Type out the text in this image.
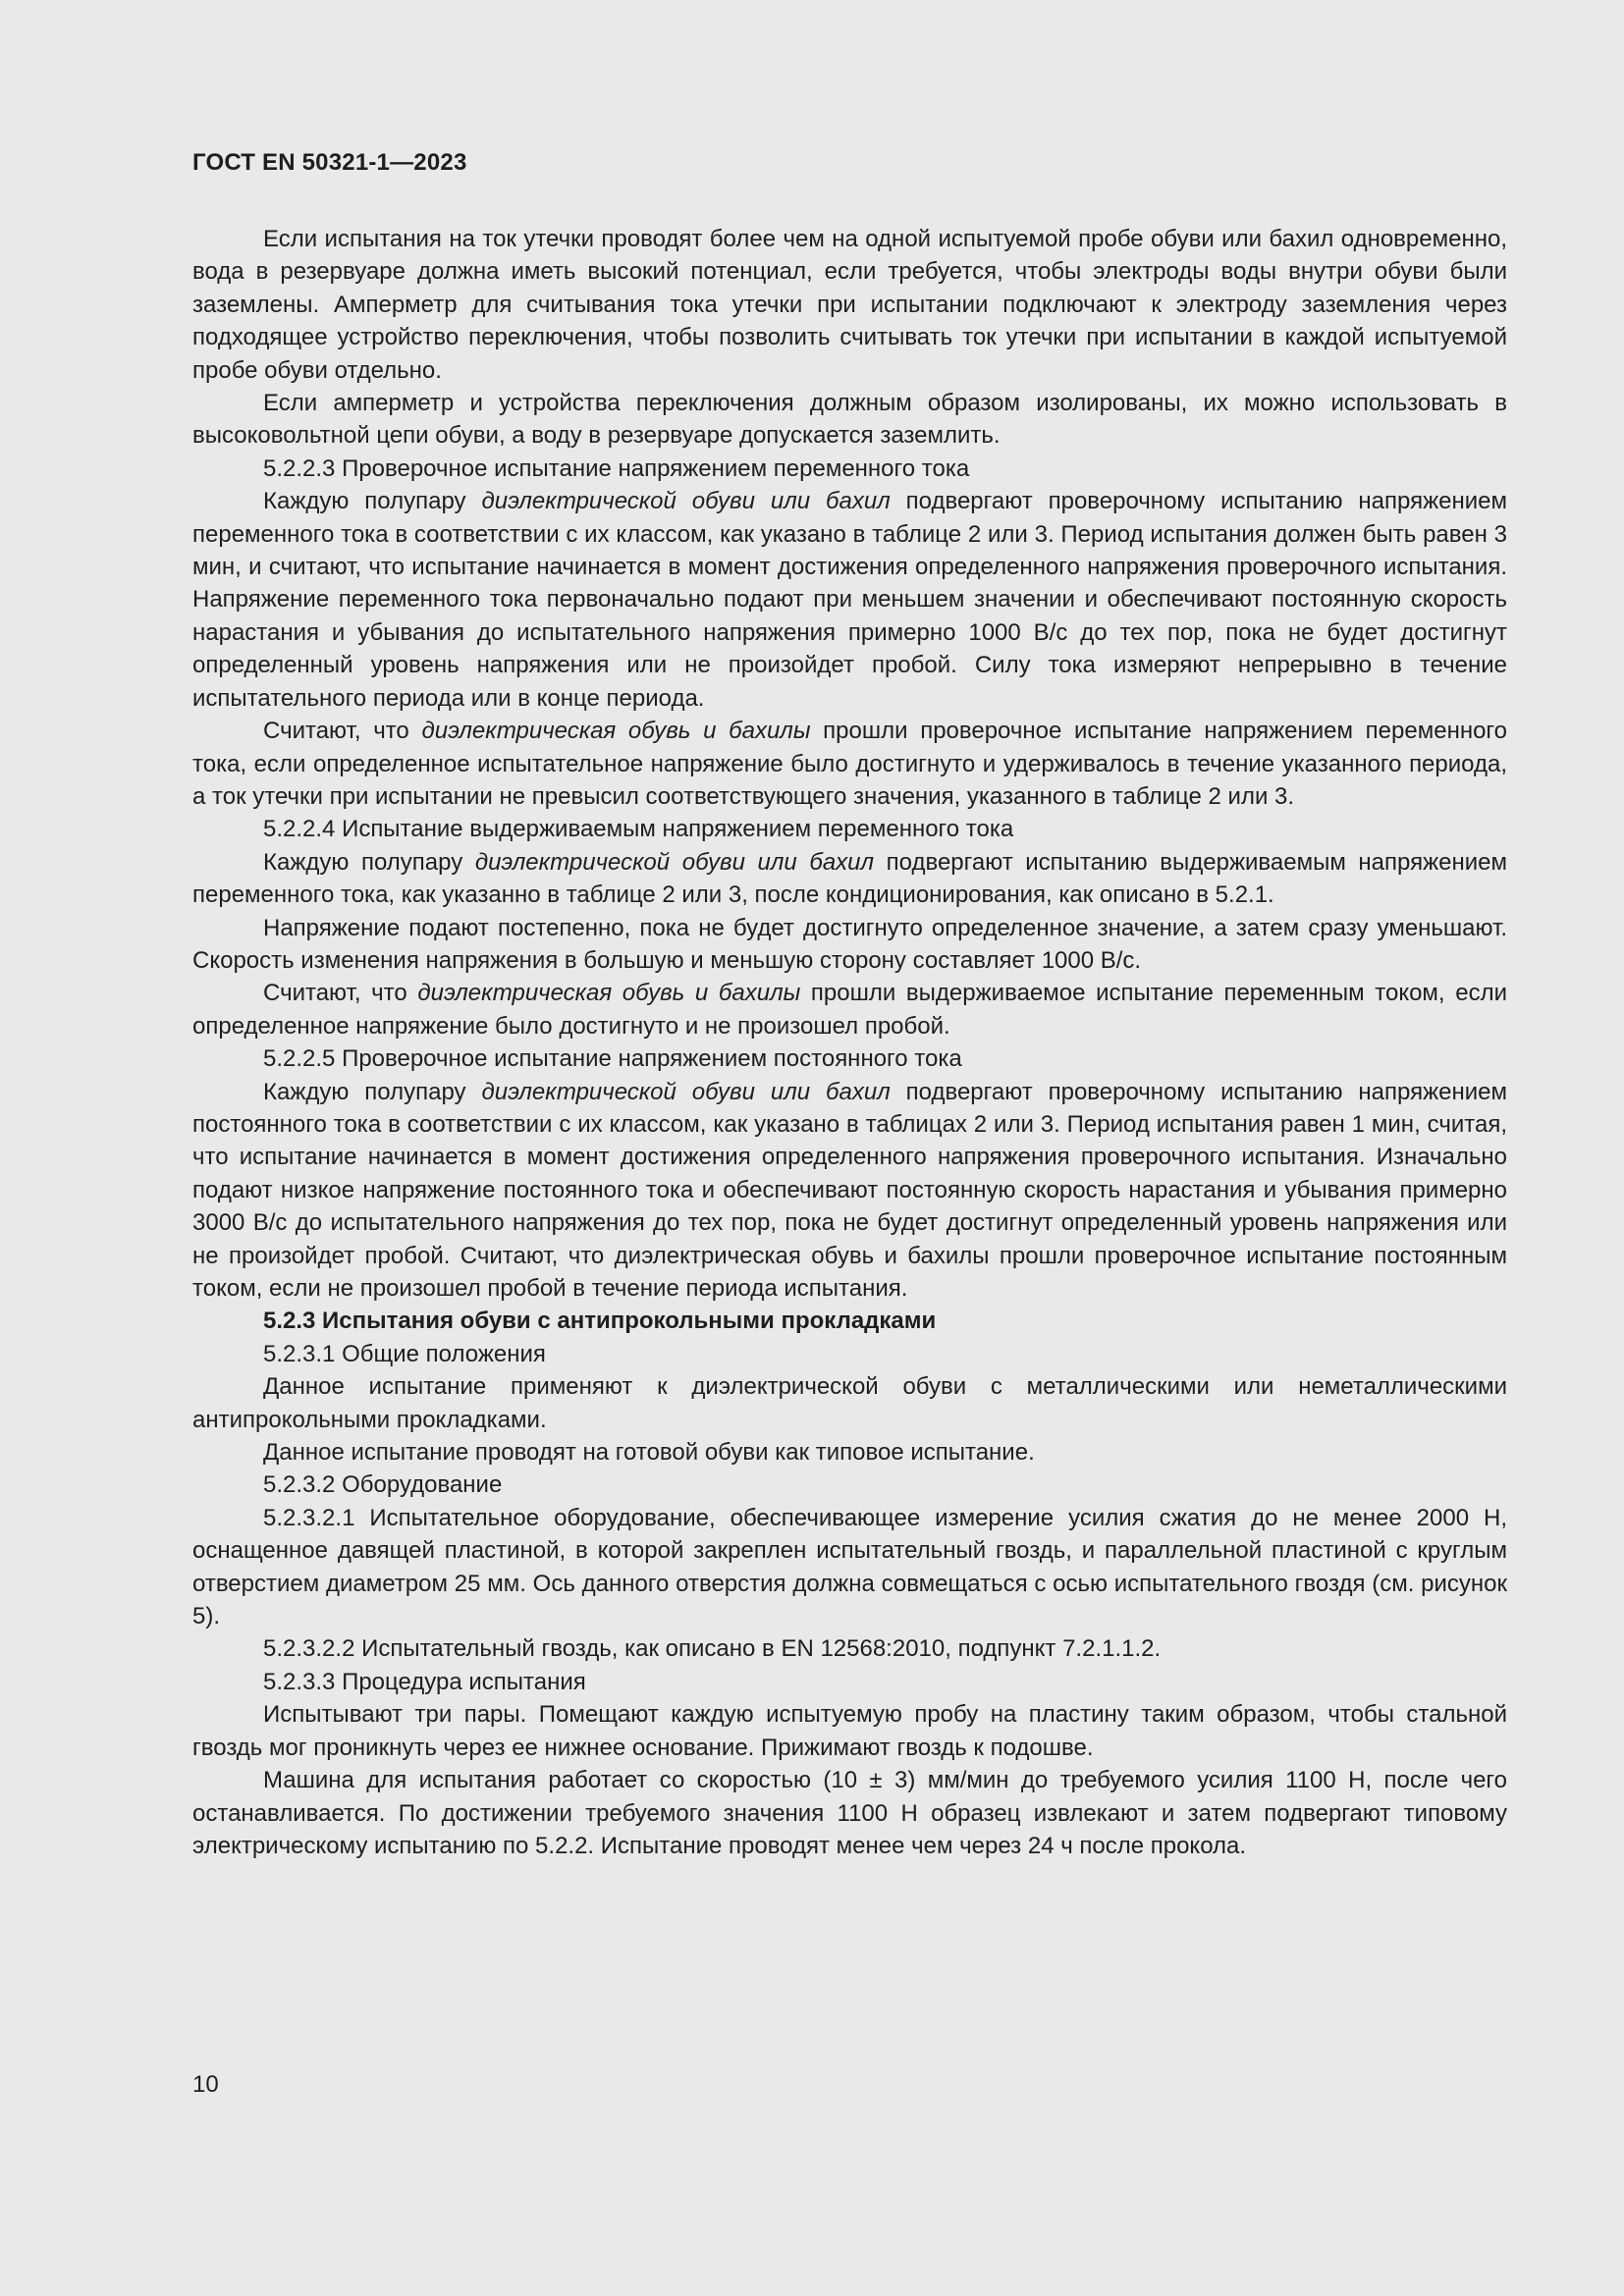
ГОСТ EN 50321-1—2023

Если испытания на ток утечки проводят более чем на одной испытуемой пробе обуви или бахил одновременно, вода в резервуаре должна иметь высокий потенциал, если требуется, чтобы электроды воды внутри обуви были заземлены. Амперметр для считывания тока утечки при испытании подключают к электроду заземления через подходящее устройство переключения, чтобы позволить считывать ток утечки при испытании в каждой испытуемой пробе обуви отдельно.

Если амперметр и устройства переключения должным образом изолированы, их можно использовать в высоковольтной цепи обуви, а воду в резервуаре допускается заземлить.

5.2.2.3 Проверочное испытание напряжением переменного тока

Каждую полупару диэлектрической обуви или бахил подвергают проверочному испытанию напряжением переменного тока в соответствии с их классом, как указано в таблице 2 или 3. Период испытания должен быть равен 3 мин, и считают, что испытание начинается в момент достижения определенного напряжения проверочного испытания. Напряжение переменного тока первоначально подают при меньшем значении и обеспечивают постоянную скорость нарастания и убывания до испытательного напряжения примерно 1000 В/с до тех пор, пока не будет достигнут определенный уровень напряжения или не произойдет пробой. Силу тока измеряют непрерывно в течение испытательного периода или в конце периода.

Считают, что диэлектрическая обувь и бахилы прошли проверочное испытание напряжением переменного тока, если определенное испытательное напряжение было достигнуто и удерживалось в течение указанного периода, а ток утечки при испытании не превысил соответствующего значения, указанного в таблице 2 или 3.

5.2.2.4 Испытание выдерживаемым напряжением переменного тока

Каждую полупару диэлектрической обуви или бахил подвергают испытанию выдерживаемым напряжением переменного тока, как указанно в таблице 2 или 3, после кондиционирования, как описано в 5.2.1.

Напряжение подают постепенно, пока не будет достигнуто определенное значение, а затем сразу уменьшают. Скорость изменения напряжения в большую и меньшую сторону составляет 1000 В/с.

Считают, что диэлектрическая обувь и бахилы прошли выдерживаемое испытание переменным током, если определенное напряжение было достигнуто и не произошел пробой.

5.2.2.5 Проверочное испытание напряжением постоянного тока

Каждую полупару диэлектрической обуви или бахил подвергают проверочному испытанию напряжением постоянного тока в соответствии с их классом, как указано в таблицах 2 или 3. Период испытания равен 1 мин, считая, что испытание начинается в момент достижения определенного напряжения проверочного испытания. Изначально подают низкое напряжение постоянного тока и обеспечивают постоянную скорость нарастания и убывания примерно 3000 В/с до испытательного напряжения до тех пор, пока не будет достигнут определенный уровень напряжения или не произойдет пробой. Считают, что диэлектрическая обувь и бахилы прошли проверочное испытание постоянным током, если не произошел пробой в течение периода испытания.

5.2.3 Испытания обуви с антипрокольными прокладками

5.2.3.1 Общие положения

Данное испытание применяют к диэлектрической обуви с металлическими или неметаллическими антипрокольными прокладками.

Данное испытание проводят на готовой обуви как типовое испытание.

5.2.3.2 Оборудование

5.2.3.2.1 Испытательное оборудование, обеспечивающее измерение усилия сжатия до не менее 2000 Н, оснащенное давящей пластиной, в которой закреплен испытательный гвоздь, и параллельной пластиной с круглым отверстием диаметром 25 мм. Ось данного отверстия должна совмещаться с осью испытательного гвоздя (см. рисунок 5).

5.2.3.2.2 Испытательный гвоздь, как описано в EN 12568:2010, подпункт 7.2.1.1.2.

5.2.3.3 Процедура испытания

Испытывают три пары. Помещают каждую испытуемую пробу на пластину таким образом, чтобы стальной гвоздь мог проникнуть через ее нижнее основание. Прижимают гвоздь к подошве.

Машина для испытания работает со скоростью (10 ± 3) мм/мин до требуемого усилия 1100 Н, после чего останавливается. По достижении требуемого значения 1100 Н образец извлекают и затем подвергают типовому электрическому испытанию по 5.2.2. Испытание проводят менее чем через 24 ч после прокола.

10
